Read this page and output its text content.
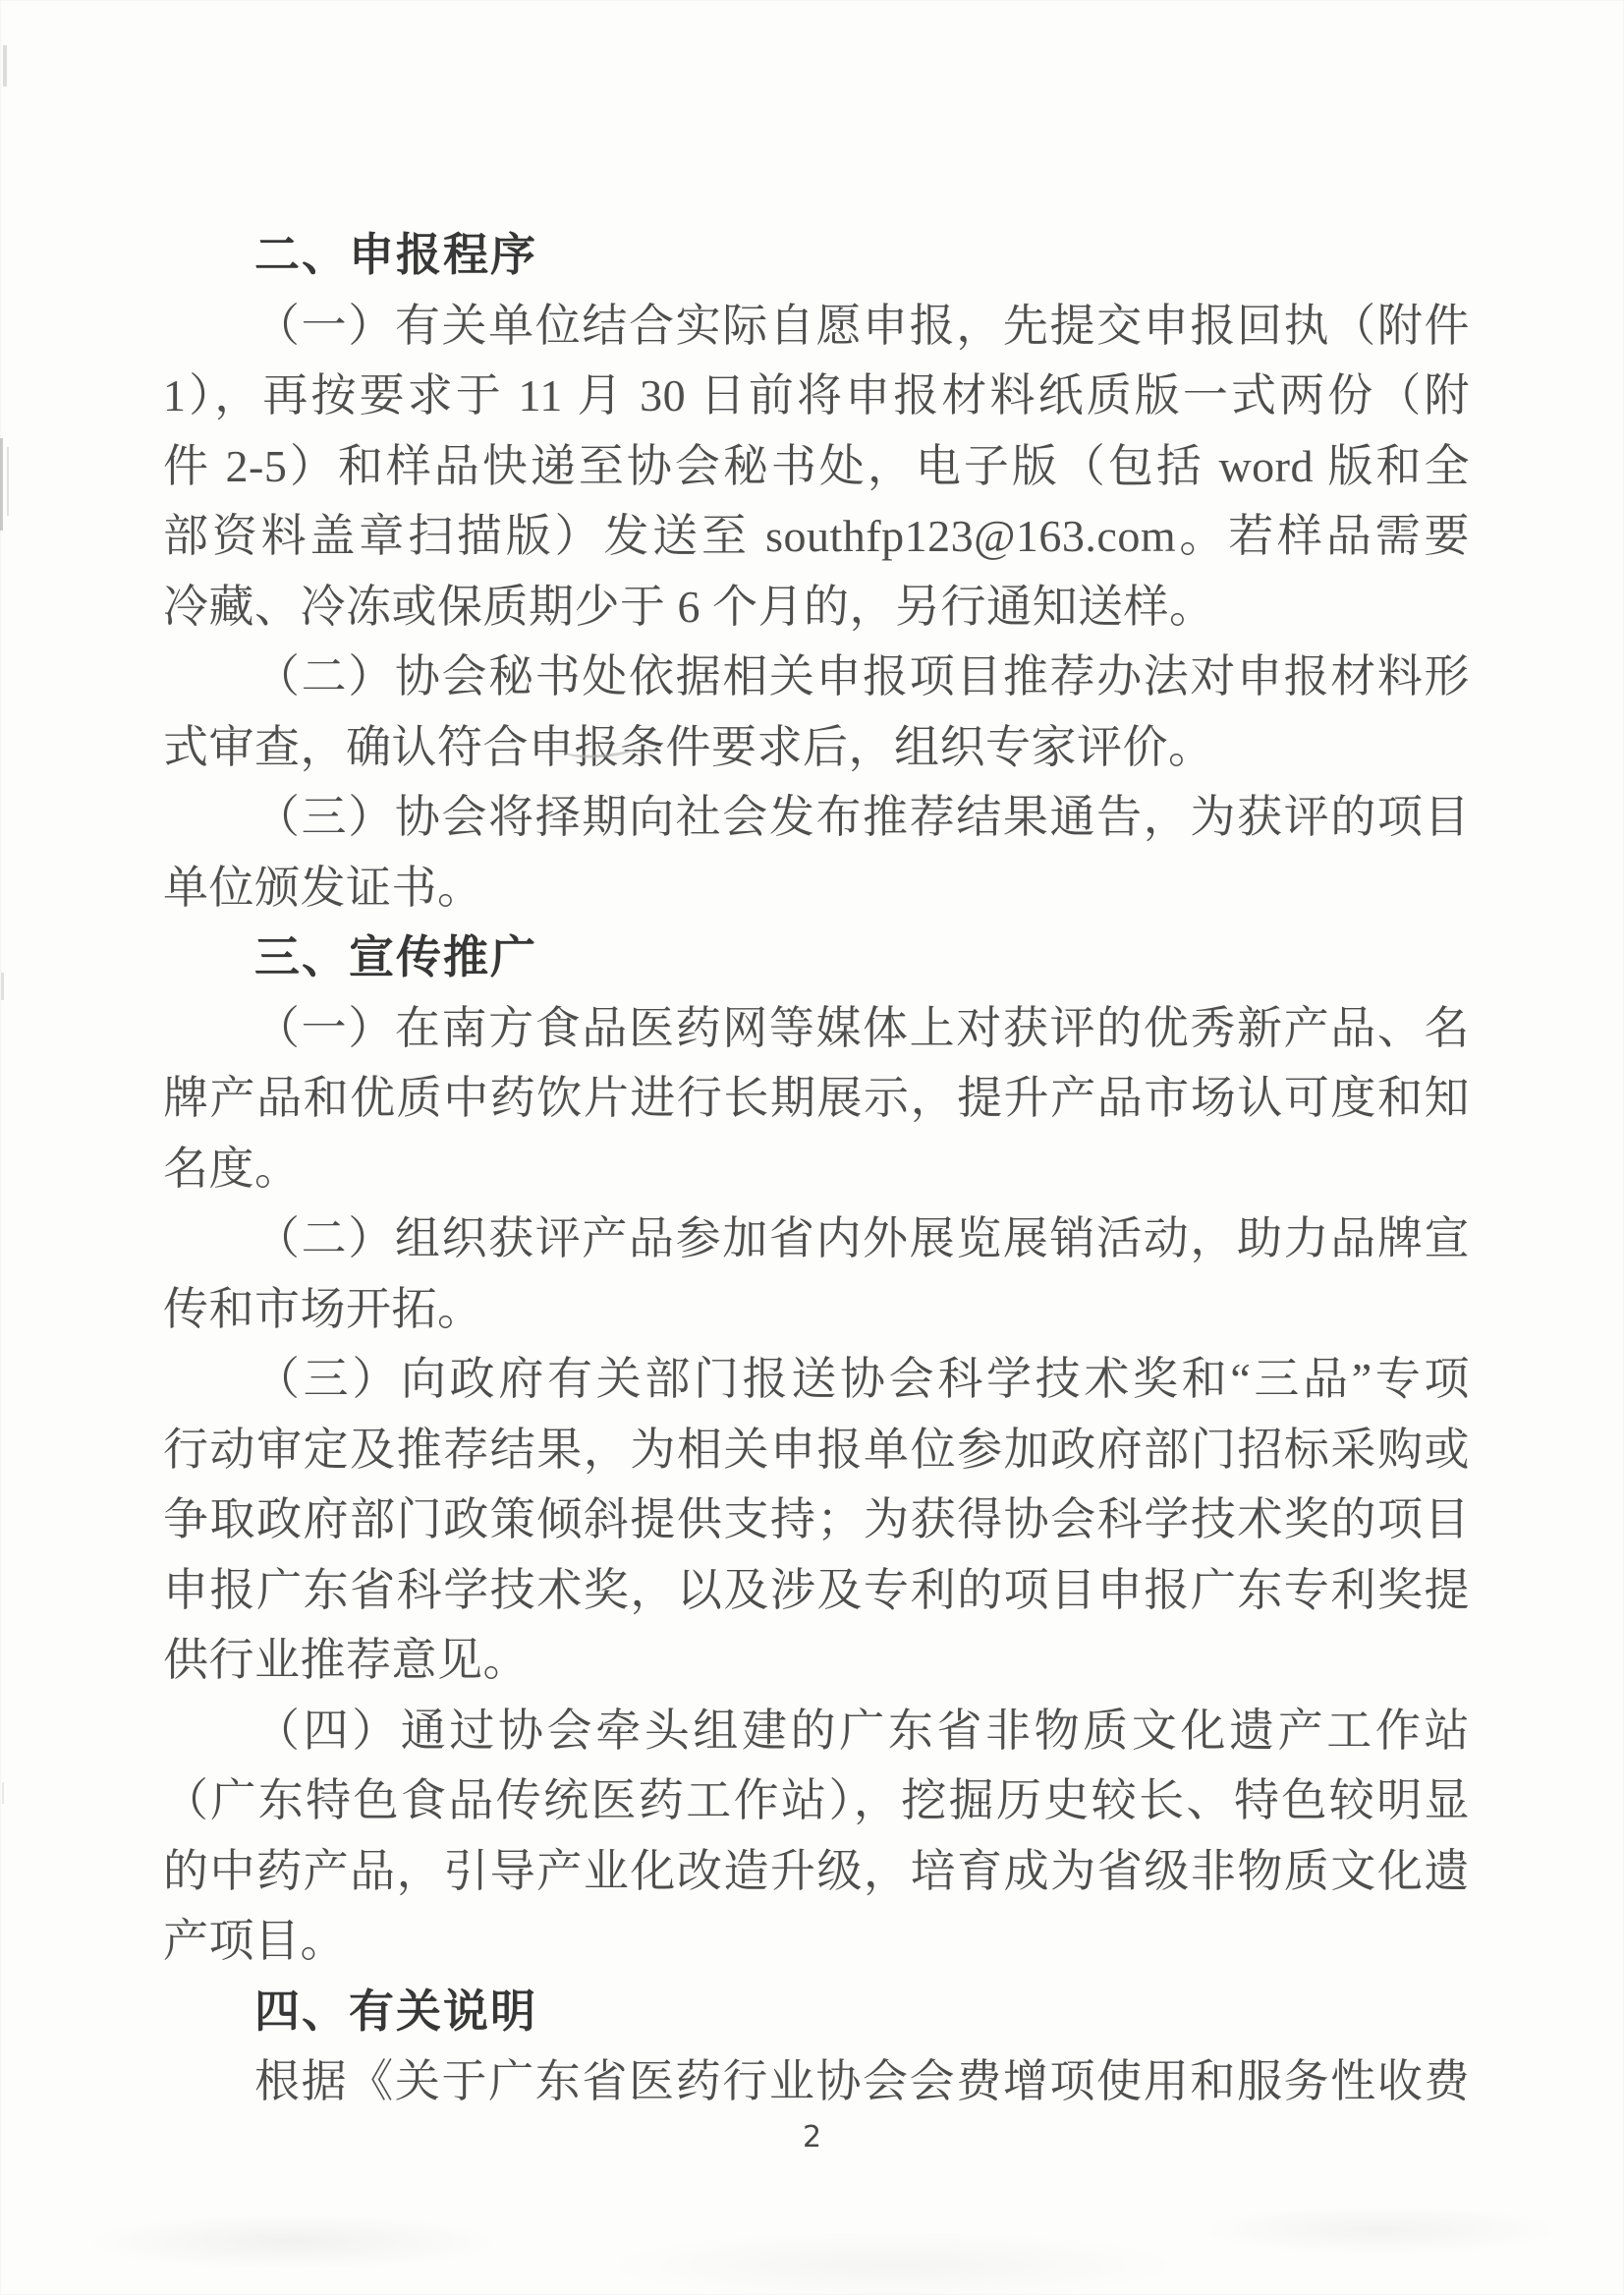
二、申报程序
（一）有关单位结合实际自愿申报，先提交申报回执（附件
1），再按要求于 11 月 30 日前将申报材料纸质版一式两份（附
件 2-5）和样品快递至协会秘书处，电子版（包括 word 版和全
部资料盖章扫描版）发送至 southfp123@163.com。若样品需要
冷藏、冷冻或保质期少于 6 个月的，另行通知送样。
（二）协会秘书处依据相关申报项目推荐办法对申报材料形
式审查，确认符合申报条件要求后，组织专家评价。
（三）协会将择期向社会发布推荐结果通告，为获评的项目
单位颁发证书。
三、宣传推广
（一）在南方食品医药网等媒体上对获评的优秀新产品、名
牌产品和优质中药饮片进行长期展示，提升产品市场认可度和知
名度。
（二）组织获评产品参加省内外展览展销活动，助力品牌宣
传和市场开拓。
（三）向政府有关部门报送协会科学技术奖和“三品”专项
行动审定及推荐结果，为相关申报单位参加政府部门招标采购或
争取政府部门政策倾斜提供支持；为获得协会科学技术奖的项目
申报广东省科学技术奖，以及涉及专利的项目申报广东专利奖提
供行业推荐意见。
（四）通过协会牵头组建的广东省非物质文化遗产工作站
（广东特色食品传统医药工作站），挖掘历史较长、特色较明显
的中药产品，引导产业化改造升级，培育成为省级非物质文化遗
产项目。
四、有关说明
根据《关于广东省医药行业协会会费增项使用和服务性收费
2
